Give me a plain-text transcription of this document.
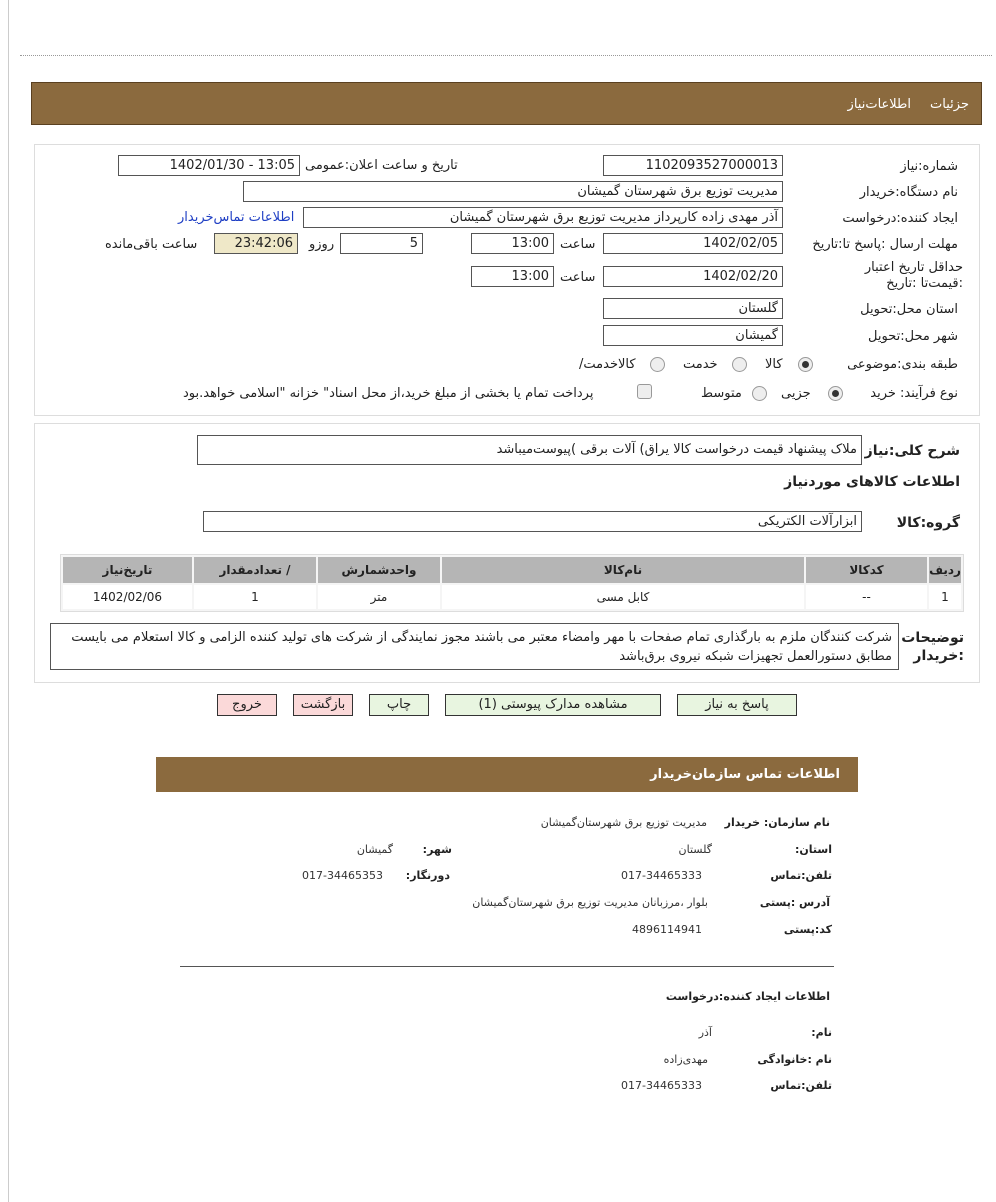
جزئیات
اطلاعات‌نیاز
شماره:نیاز
1102093527000013
تاریخ و ساعت اعلان:عمومی
1402/01/30 - 13:05
نام دستگاه:خریدار
مدیریت توزیع برق شهرستان گمیشان
ایجاد کننده:درخواست
آذر مهدی زاده کارپرداز مدیریت توزیع برق شهرستان گمیشان
اطلاعات تماس‌خریدار
مهلت ارسال :پاسخ تا:تاریخ
1402/02/05
ساعت
13:00
5
روزو
23:42:06
ساعت باقی‌مانده
حداقل تاریخ اعتبار :قیمت‌تا :تاریخ
1402/02/20
ساعت
13:00
استان محل:تحویل
گلستان
شهر محل:تحویل
گمیشان
طبقه بندی:موضوعی
کالا
خدمت
/کالاخدمت
نوع فرآیند: خرید
جزیی
متوسط
پرداخت تمام یا بخشی از مبلغ خرید،از محل اسناد" خزانه "اسلامی خواهد.بود
شرح کلی:نیاز
ملاک پیشنهاد قیمت درخواست کالا یراق) آلات برقی )پیوست‌میباشد
اطلاعات کالاهای موردنیاز
گروه:کالا
ابزارآلات الکتریکی
ردیف	کدکالا	نام‌کالا	واحدشمارش	/ تعدادمقدار	تاریخ‌نیاز
1	--	کابل مسی	متر	1	1402/02/06
توضیحات :خریدار
شرکت کنندگان ملزم به بارگذاری تمام صفحات با مهر وامضاء معتبر می باشند مجوز نمایندگی از شرکت های تولید کننده الزامی و کالا استعلام می بایست مطابق دستورالعمل تجهیزات شبکه نیروی برق‌باشد
پاسخ به نیاز
مشاهده مدارک پیوستی (1)
چاپ
بازگشت
خروج
اطلاعات تماس سازمان‌خریدار
نام سازمان: خریدار
مدیریت توزیع برق شهرستان‌گمیشان
:استان
گلستان
:شهر
گمیشان
تلفن:تماس
017-34465333
:دورنگار
017-34465353
آدرس :پستی
بلوار ،مرزبانان مدیریت توزیع برق شهرستان‌گمیشان
کد:پستی
4896114941
اطلاعات ایجاد کننده:درخواست
:نام
آذر
نام :خانوادگی
مهدی‌زاده
تلفن:تماس
017-34465333
